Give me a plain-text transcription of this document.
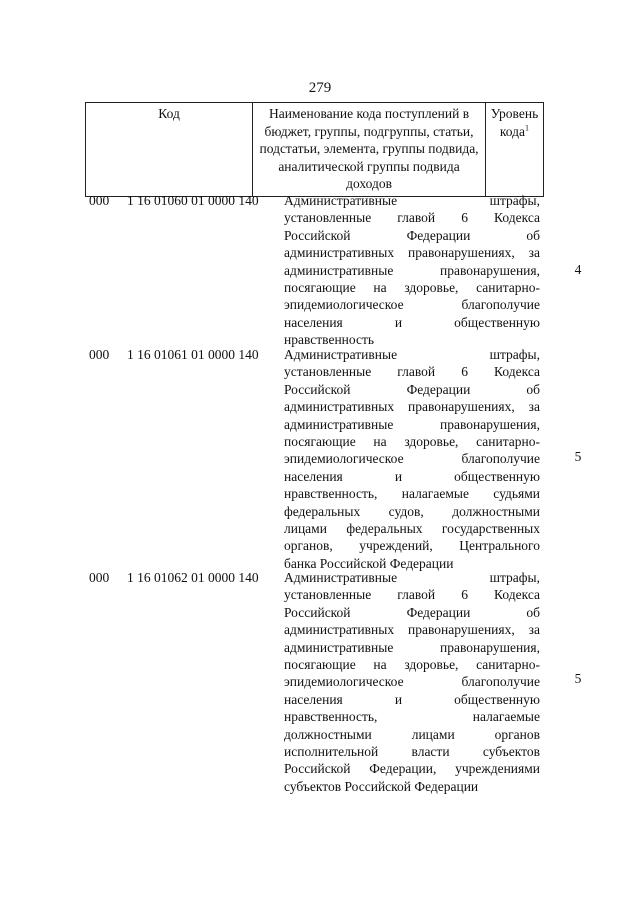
279
Код	Наименование кода поступлений в
бюджет, группы, подгруппы, статьи,
подстатьи, элемента, группы подвида,
аналитической группы подвида доходов

Уровень
кода$^1$
000 1 16 01060 01 0000 140 Административные штрафы,
установленные главой 6 Кодекса
Российской Федерации об
административных правонарушениях, за
административные правонарушения,
посягающие на здоровье, санитарно-
эпидемиологическое благополучие
населения и общественную
нравственность
4
000 1 16 01061 01 0000 140 Административные штрафы,
установленные главой 6 Кодекса
Российской Федерации об
административных правонарушениях, за
административные правонарушения,
посягающие на здоровье, санитарно-
эпидемиологическое благополучие
населения и общественную
нравственность, налагаемые судьями
федеральных судов, должностными
лицами федеральных государственных
органов, учреждений, Центрального
банка Российской Федерации
5
000 1 16 01062 01 0000 140 Административные штрафы,
установленные главой 6 Кодекса
Российской Федерации об
административных правонарушениях, за
административные правонарушения,
посягающие на здоровье, санитарно-
эпидемиологическое благополучие
населения и общественную
нравственность, налагаемые
должностными лицами органов
исполнительной власти субъектов
Российской Федерации, учреждениями
субъектов Российской Федерации
5
